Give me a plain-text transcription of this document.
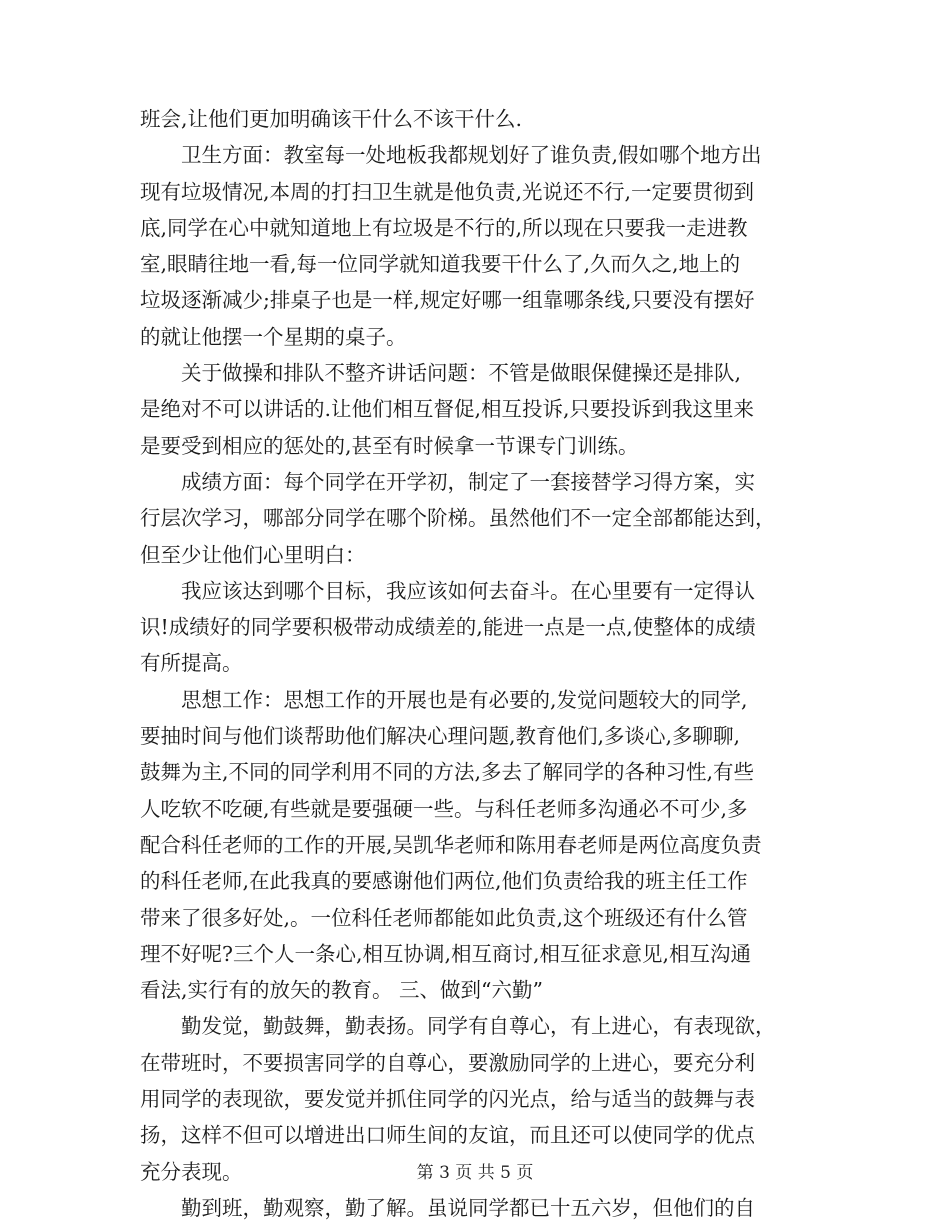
班会,让他们更加明确该干什么不该干什么.
卫生方面：教室每一处地板我都规划好了谁负责,假如哪个地方出
现有垃圾情况,本周的打扫卫生就是他负责,光说还不行,一定要贯彻到
底,同学在心中就知道地上有垃圾是不行的,所以现在只要我一走进教
室,眼睛往地一看,每一位同学就知道我要干什么了,久而久之,地上的
垃圾逐渐减少;排桌子也是一样,规定好哪一组靠哪条线,只要没有摆好
的就让他摆一个星期的桌子。
关于做操和排队不整齐讲话问题：不管是做眼保健操还是排队,
是绝对不可以讲话的.让他们相互督促,相互投诉,只要投诉到我这里来
是要受到相应的惩处的,甚至有时候拿一节课专门训练。
成绩方面：每个同学在开学初，制定了一套接替学习得方案，实
行层次学习，哪部分同学在哪个阶梯。虽然他们不一定全部都能达到，
但至少让他们心里明白：
我应该达到哪个目标，我应该如何去奋斗。在心里要有一定得认
识!成绩好的同学要积极带动成绩差的,能进一点是一点,使整体的成绩
有所提高。
思想工作：思想工作的开展也是有必要的,发觉问题较大的同学,
要抽时间与他们谈帮助他们解决心理问题,教育他们,多谈心,多聊聊,
鼓舞为主,不同的同学利用不同的方法,多去了解同学的各种习性,有些
人吃软不吃硬,有些就是要强硬一些。与科任老师多沟通必不可少,多
配合科任老师的工作的开展,吴凯华老师和陈用春老师是两位高度负责
的科任老师,在此我真的要感谢他们两位,他们负责给我的班主任工作
带来了很多好处,。一位科任老师都能如此负责,这个班级还有什么管
理不好呢?三个人一条心,相互协调,相互商讨,相互征求意见,相互沟通
看法,实行有的放矢的教育。 三、做到“六勤”
勤发觉，勤鼓舞，勤表扬。同学有自尊心，有上进心，有表现欲，
在带班时，不要损害同学的自尊心，要激励同学的上进心，要充分利
用同学的表现欲，要发觉并抓住同学的闪光点，给与适当的鼓舞与表
扬，这样不但可以增进出口师生间的友谊，而且还可以使同学的优点
充分表现。
勤到班，勤观察，勤了解。虽说同学都已十五六岁，但他们的自
第 3 页 共 5 页
